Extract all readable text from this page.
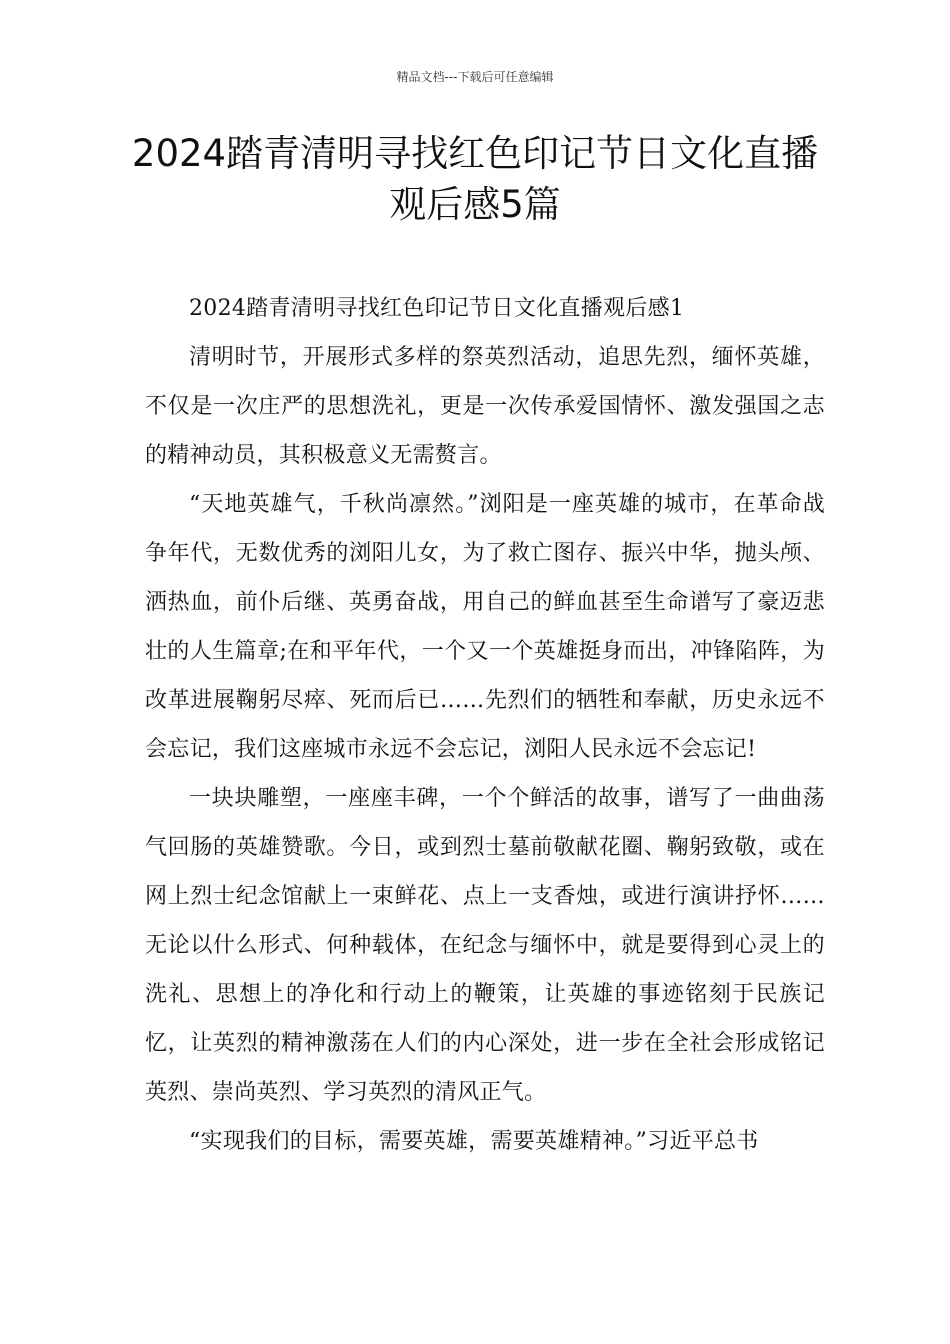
精品文档---下载后可任意编辑
2024踏青清明寻找红色印记节日文化直播观后感5篇

2024踏青清明寻找红色印记节日文化直播观后感1

清明时节，开展形式多样的祭英烈活动，追思先烈，缅怀英雄，不仅是一次庄严的思想洗礼，更是一次传承爱国情怀、激发强国之志的精神动员，其积极意义无需赘言。

“天地英雄气，千秋尚凛然。”浏阳是一座英雄的城市，在革命战争年代，无数优秀的浏阳儿女，为了救亡图存、振兴中华，抛头颅、洒热血，前仆后继、英勇奋战，用自己的鲜血甚至生命谱写了豪迈悲壮的人生篇章;在和平年代，一个又一个英雄挺身而出，冲锋陷阵，为改革进展鞠躬尽瘁、死而后已……先烈们的牺牲和奉献，历史永远不会忘记，我们这座城市永远不会忘记，浏阳人民永远不会忘记!

一块块雕塑，一座座丰碑，一个个鲜活的故事，谱写了一曲曲荡气回肠的英雄赞歌。今日，或到烈士墓前敬献花圈、鞠躬致敬，或在网上烈士纪念馆献上一束鲜花、点上一支香烛，或进行演讲抒怀……无论以什么形式、何种载体，在纪念与缅怀中，就是要得到心灵上的洗礼、思想上的净化和行动上的鞭策，让英雄的事迹铭刻于民族记忆，让英烈的精神激荡在人们的内心深处，进一步在全社会形成铭记英烈、崇尚英烈、学习英烈的清风正气。

“实现我们的目标，需要英雄，需要英雄精神。”习近平总书
